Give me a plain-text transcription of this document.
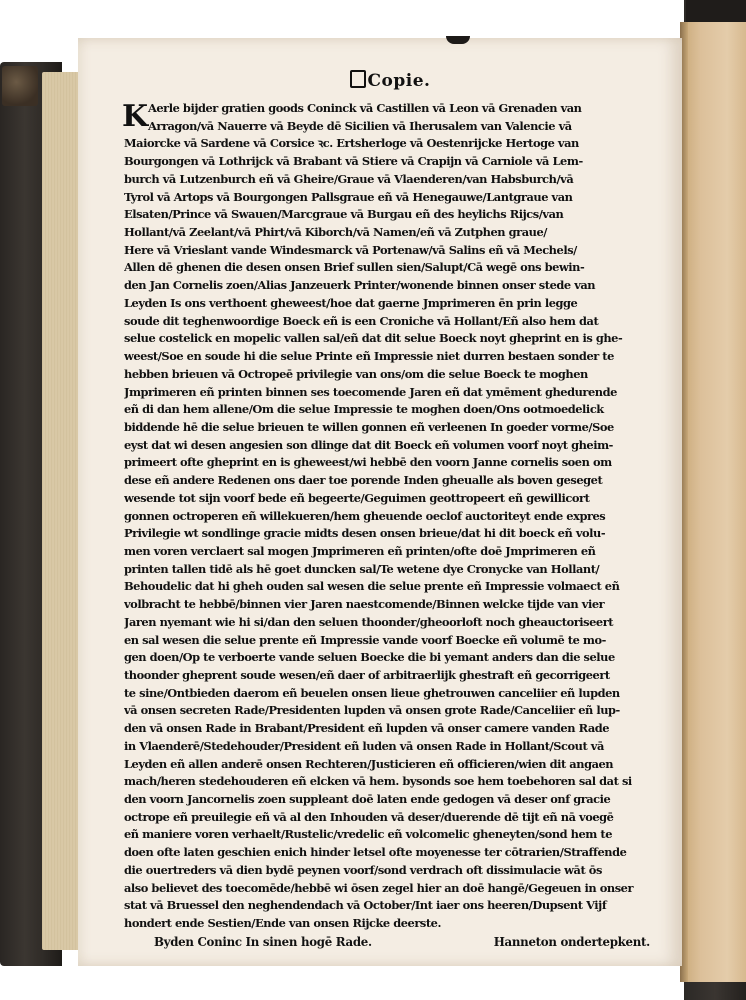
Copie.
K Aerle bijder gratien goods Coninck vā Castillen vā Leon vā Grenaden van
Arragon/vā Nauerre vā Beyde dē Sicilien vā Iherusalem van Valencie vā
Maiorcke vā Sardene vā Corsice ꝛc. Ertsherloge vā Oestenrijcke Hertoge van
Bourgongen vā Lothrijck vā Brabant vā Stiere vā Crapijn vā Carniole vā Lem-
burch vā Lutzenburch eñ vā Gheire/Graue vā Vlaenderen/van Habsburch/vā
Tyrol vā Artops vā Bourgongen Pallsgraue eñ vā Henegauwe/Lantgraue van
Elsaten/Prince vā Swauen/Marcgraue vā Burgau eñ des heylichs Rijcs/van
Hollant/vā Zeelant/vā Phirt/vā Kiborch/vā Namen/eñ vā Zutphen graue/
Here vā Vrieslant vande Windesmarck vā Portenaw/vā Salins eñ vā Mechels/
Allen dē ghenen die desen onsen Brief sullen sien/Salupt/Cā wegē ons bewin-
den Jan Cornelis zoen/Alias Janzeuerk Printer/wonende binnen onser stede van
Leyden Is ons verthoent gheweest/hoe dat gaerne Jmprimeren ēn prin legge
soude dit teghenwoordige Boeck eñ is een Croniche vā Hollant/Eñ also hem dat
selue costelick en mopelic vallen sal/eñ dat dit selue Boeck noyt gheprint en is ghe-
weest/Soe en soude hi die selue Printe eñ Impressie niet durren bestaen sonder te
hebben brieuen vā Octropeē privilegie van ons/om die selue Boeck te moghen
Jmprimeren eñ printen binnen ses toecomende Jaren eñ dat ymēment ghedurende
eñ di dan hem allene/Om die selue Impressie te moghen doen/Ons ootmoedelick
biddende hē die selue brieuen te willen gonnen eñ verleenen In goeder vorme/Soe
eyst dat wi desen angesien son dlinge dat dit Boeck eñ volumen voorf noyt gheim-
primeert ofte gheprint en is gheweest/wi hebbē den voorn Janne cornelis soen om
dese eñ andere Redenen ons daer toe porende Inden gheualle als boven geseget
wesende tot sijn voorf bede eñ begeerte/Geguimen geottropeert eñ gewillicort
gonnen octroperen eñ willekueren/hem gheuende oeclof auctoriteyt ende expres
Privilegie wt sondlinge gracie midts desen onsen brieue/dat hi dit boeck eñ volu-
men voren verclaert sal mogen Jmprimeren eñ printen/ofte doē Jmprimeren eñ
printen tallen tidē als hē goet duncken sal/Te wetene dye Cronycke van Hollant/
Behoudelic dat hi gheh ouden sal wesen die selue prente eñ Impressie volmaect eñ
volbracht te hebbē/binnen vier Jaren naestcomende/Binnen welcke tijde van vier
Jaren nyemant wie hi si/dan den seluen thoonder/gheoorloft noch gheauctoriseert
en sal wesen die selue prente eñ Impressie vande voorf Boecke eñ volumē te mo-
gen doen/Op te verboerte vande seluen Boecke die bi yemant anders dan die selue
thoonder gheprent soude wesen/eñ daer of arbitraerlijk ghestraft eñ gecorrigeert
te sine/Ontbieden daerom eñ beuelen onsen lieue ghetrouwen canceliier eñ lupden
vā onsen secreten Rade/Presidenten lupden vā onsen grote Rade/Canceliier eñ lup-
den vā onsen Rade in Brabant/President eñ lupden vā onser camere vanden Rade
in Vlaenderē/Stedehouder/President eñ luden vā onsen Rade in Hollant/Scout vā
Leyden eñ allen anderē onsen Rechteren/Justicieren eñ officieren/wien dit angaen
mach/heren stedehouderen eñ elcken vā hem. bysonds soe hem toebehoren sal dat si
den voorn Jancornelis zoen suppleant doē laten ende gedogen vā deser onf gracie
octrope eñ preuilegie eñ vā al den Inhouden vā deser/duerende dē tijt eñ nā voegē
eñ maniere voren verhaelt/Rustelic/vredelic eñ volcomelic gheneyten/sond hem te
doen ofte laten geschien enich hinder letsel ofte moyenesse ter cōtrarien/Straffende
die ouertreders vā dien bydē peynen voorf/sond verdrach oft dissimulacie wāt ōs
also believet des toecomēde/hebbē wi ōsen zegel hier an doē hangē/Gegeuen in onser
stat vā Bruessel den neghendendach vā October/Int iaer ons heeren/Dupsent Vijf
hondert ende Sestien/Ende van onsen Rijcke deerste.
Byden Coninc In sinen hogē Rade.	Hanneton ondertepkent.
